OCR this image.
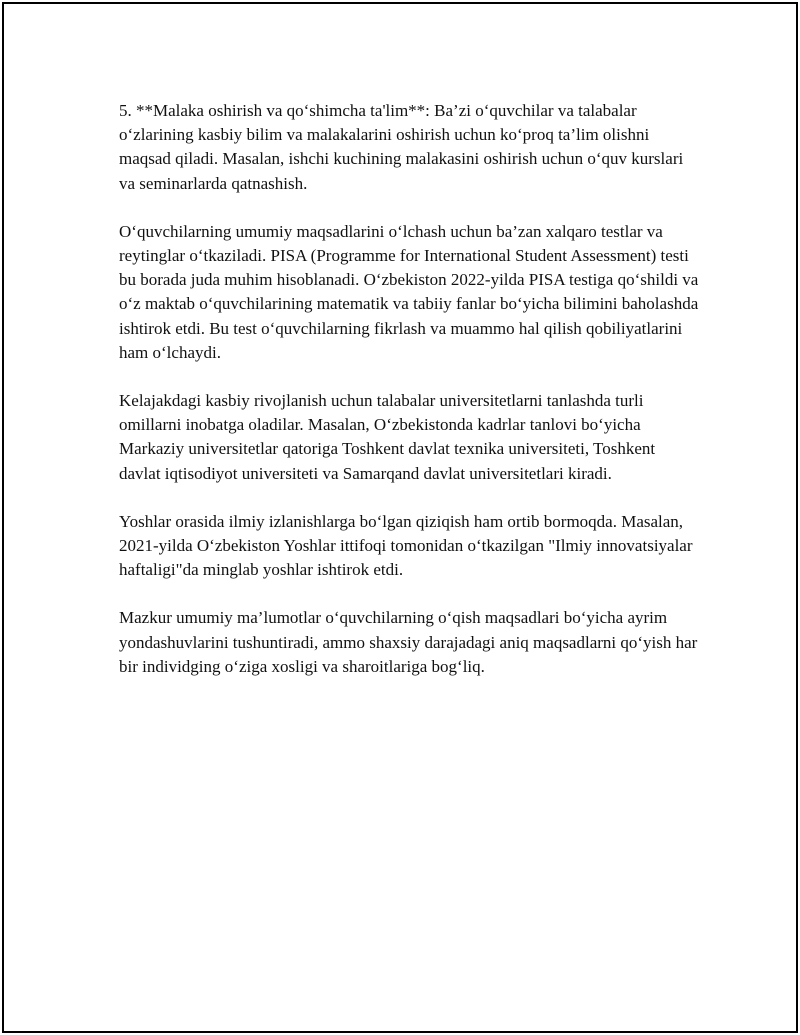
5. **Malaka oshirish va qo‘shimcha ta'lim**: Ba’zi o‘quvchilar va talabalar o‘zlarining kasbiy bilim va malakalarini oshirish uchun ko‘proq ta’lim olishni maqsad qiladi. Masalan, ishchi kuchining malakasini oshirish uchun o‘quv kurslari va seminarlarda qatnashish.

O‘quvchilarning umumiy maqsadlarini o‘lchash uchun ba’zan xalqaro testlar va reytinglar o‘tkaziladi. PISA (Programme for International Student Assessment) testi bu borada juda muhim hisoblanadi. O‘zbekiston 2022-yilda PISA testiga qo‘shildi va o‘z maktab o‘quvchilarining matematik va tabiiy fanlar bo‘yicha bilimini baholashda ishtirok etdi. Bu test o‘quvchilarning fikrlash va muammo hal qilish qobiliyatlarini ham o‘lchaydi.

Kelajakdagi kasbiy rivojlanish uchun talabalar universitetlarni tanlashda turli omillarni inobatga oladilar. Masalan, O‘zbekistonda kadrlar tanlovi bo‘yicha Markaziy universitetlar qatoriga Toshkent davlat texnika universiteti, Toshkent davlat iqtisodiyot universiteti va Samarqand davlat universitetlari kiradi.

Yoshlar orasida ilmiy izlanishlarga bo‘lgan qiziqish ham ortib bormoqda. Masalan, 2021-yilda O‘zbekiston Yoshlar ittifoqi tomonidan o‘tkazilgan "Ilmiy innovatsiyalar haftaligi"da minglab yoshlar ishtirok etdi.

Mazkur umumiy ma’lumotlar o‘quvchilarning o‘qish maqsadlari bo‘yicha ayrim yondashuvlarini tushuntiradi, ammo shaxsiy darajadagi aniq maqsadlarni qo‘yish har bir individging o‘ziga xosligi va sharoitlariga bog‘liq.
